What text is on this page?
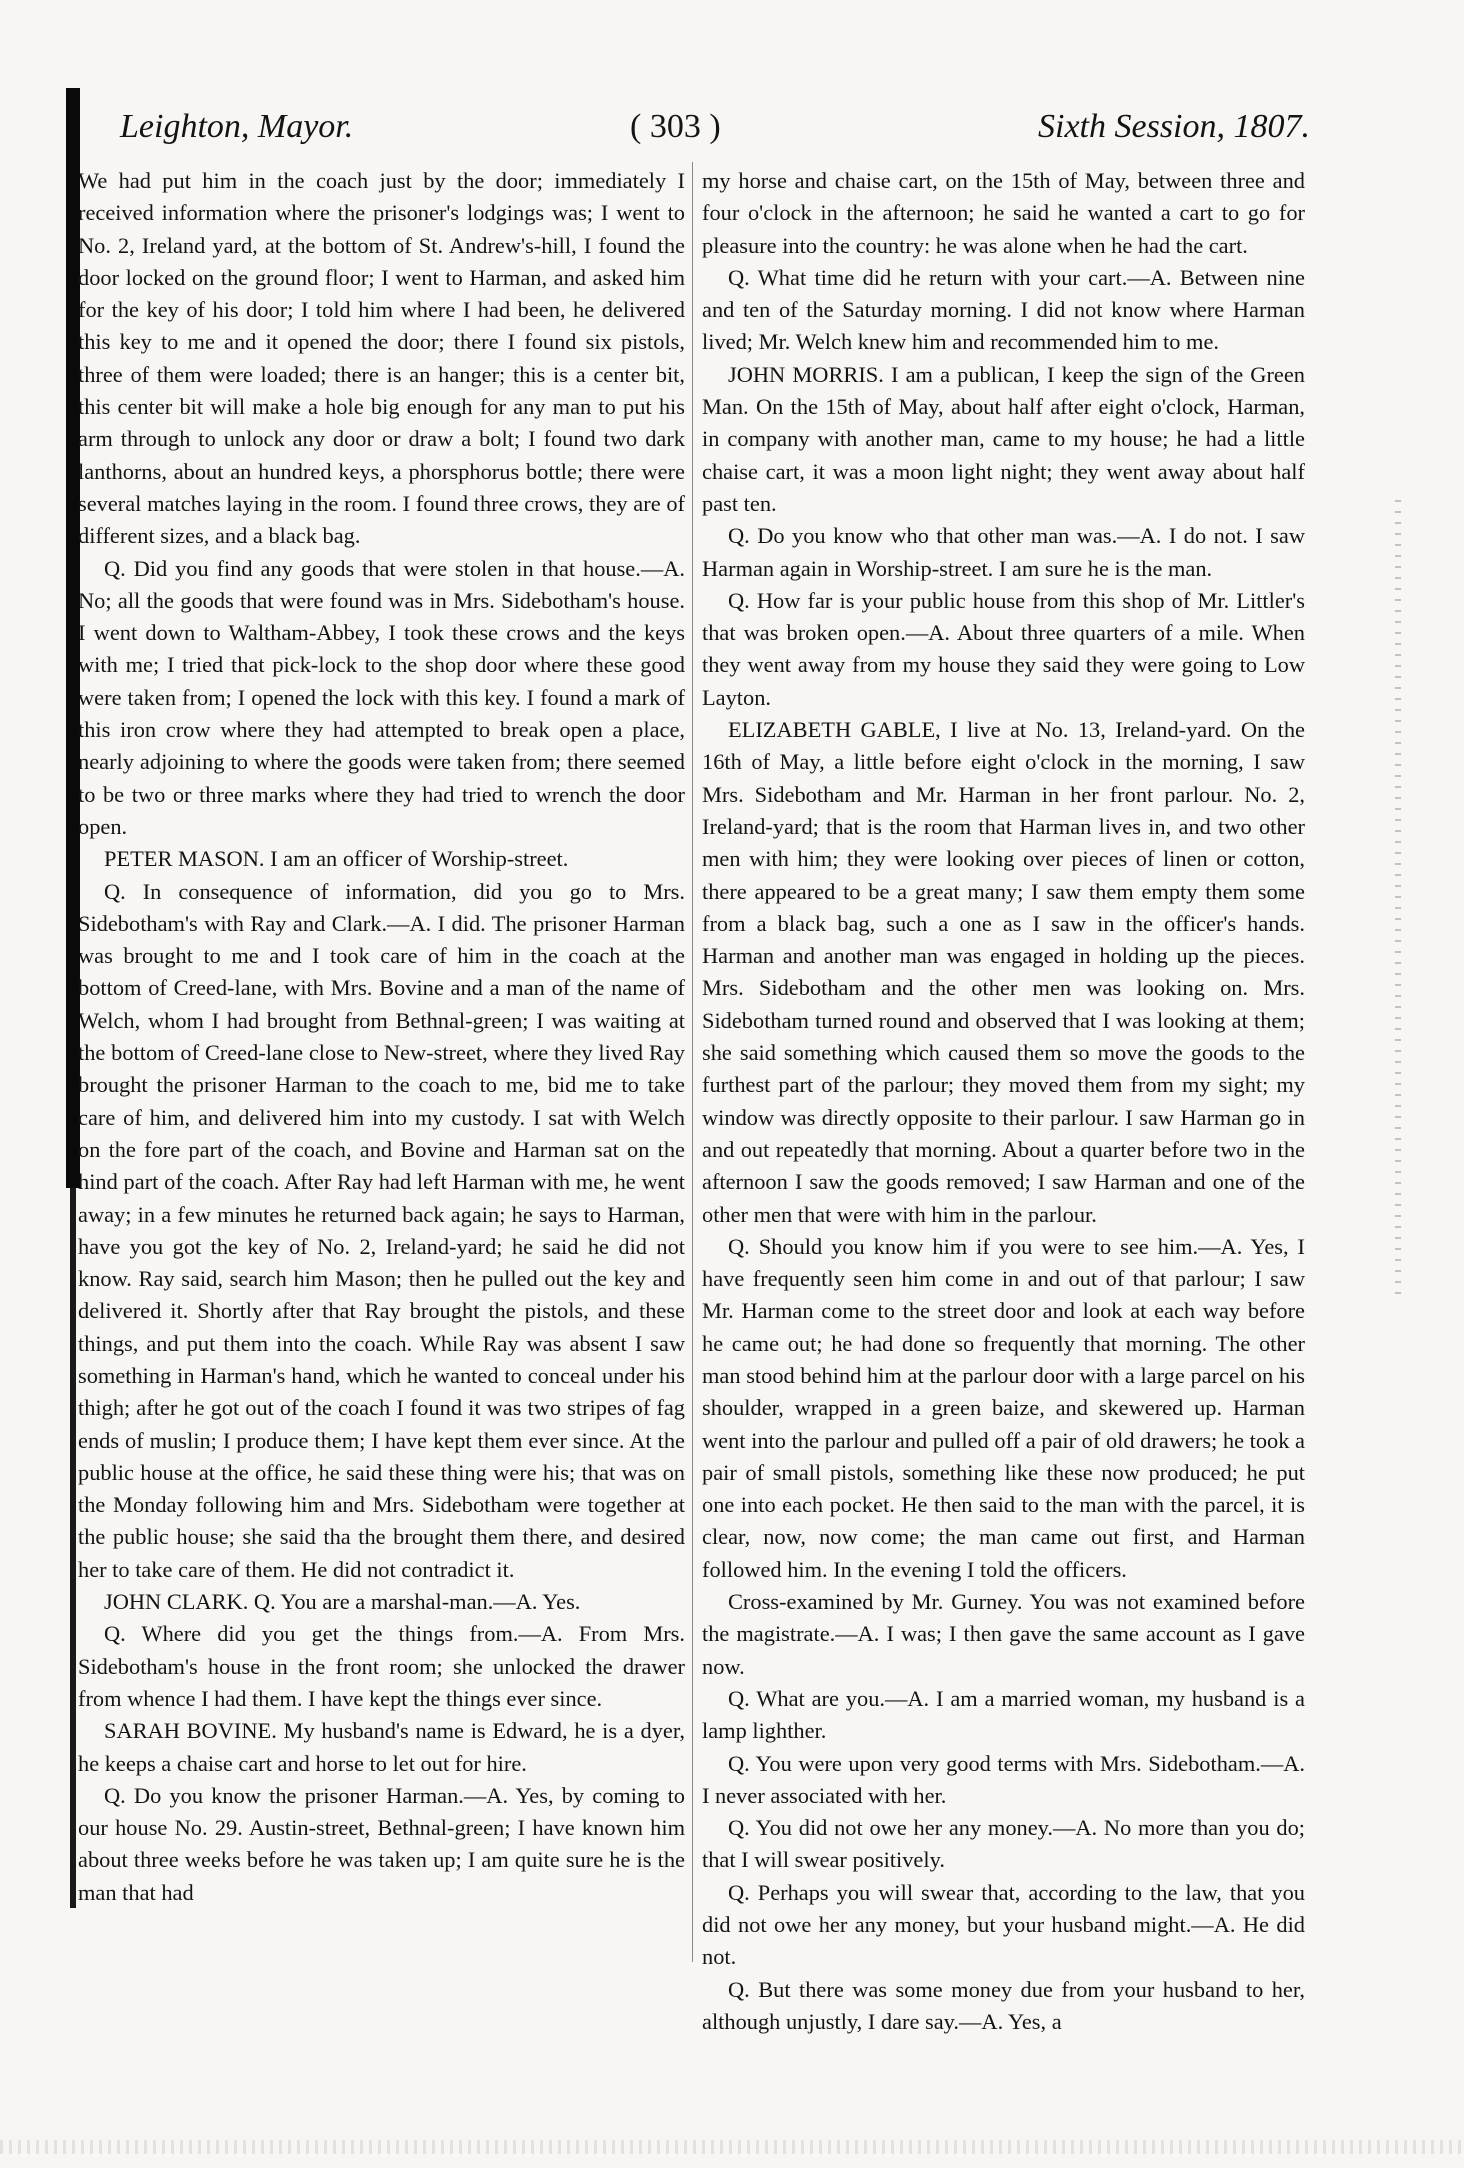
Leighton, Mayor.	( 303 )	Sixth Session, 1807.

We had put him in the coach just by the door; immediately I received information where the prisoner's lodgings was; I went to No. 2, Ireland yard, at the bottom of St. Andrew's-hill, I found the door locked on the ground floor; I went to Harman, and asked him for the key of his door; I told him where I had been, he delivered this key to me and it opened the door; there I found six pistols, three of them were loaded; there is an hanger; this is a center bit, this center bit will make a hole big enough for any man to put his arm through to unlock any door or draw a bolt; I found two dark lanthorns, about an hundred keys, a phorsphorus bottle; there were several matches laying in the room. I found three crows, they are of different sizes, and a black bag.

Q. Did you find any goods that were stolen in that house.—A. No; all the goods that were found was in Mrs. Sidebotham's house. I went down to Waltham-Abbey, I took these crows and the keys with me; I tried that pick-lock to the shop door where these good were taken from; I opened the lock with this key. I found a mark of this iron crow where they had attempted to break open a place, nearly adjoining to where the goods were taken from; there seemed to be two or three marks where they had tried to wrench the door open.

PETER MASON. I am an officer of Worship-street.

Q. In consequence of information, did you go to Mrs. Sidebotham's with Ray and Clark.—A. I did. The prisoner Harman was brought to me and I took care of him in the coach at the bottom of Creed-lane, with Mrs. Bovine and a man of the name of Welch, whom I had brought from Bethnal-green; I was waiting at the bottom of Creed-lane close to New-street, where they lived Ray brought the prisoner Harman to the coach to me, bid me to take care of him, and delivered him into my custody. I sat with Welch on the fore part of the coach, and Bovine and Harman sat on the hind part of the coach. After Ray had left Harman with me, he went away; in a few minutes he returned back again; he says to Harman, have you got the key of No. 2, Ireland-yard; he said he did not know. Ray said, search him Mason; then he pulled out the key and delivered it. Shortly after that Ray brought the pistols, and these things, and put them into the coach. While Ray was absent I saw something in Harman's hand, which he wanted to conceal under his thigh; after he got out of the coach I found it was two stripes of fag ends of muslin; I produce them; I have kept them ever since. At the public house at the office, he said these thing were his; that was on the Monday following him and Mrs. Sidebotham were together at the public house; she said tha the brought them there, and desired her to take care of them. He did not contradict it.

JOHN CLARK. Q. You are a marshal-man.—A. Yes.

Q. Where did you get the things from.—A. From Mrs. Sidebotham's house in the front room; she unlocked the drawer from whence I had them. I have kept the things ever since.

SARAH BOVINE. My husband's name is Edward, he is a dyer, he keeps a chaise cart and horse to let out for hire.

Q. Do you know the prisoner Harman.—A. Yes, by coming to our house No. 29. Austin-street, Bethnal-green; I have known him about three weeks before he was taken up; I am quite sure he is the man that had

my horse and chaise cart, on the 15th of May, between three and four o'clock in the afternoon; he said he wanted a cart to go for pleasure into the country: he was alone when he had the cart.

Q. What time did he return with your cart.—A. Between nine and ten of the Saturday morning. I did not know where Harman lived; Mr. Welch knew him and recommended him to me.

JOHN MORRIS. I am a publican, I keep the sign of the Green Man. On the 15th of May, about half after eight o'clock, Harman, in company with another man, came to my house; he had a little chaise cart, it was a moon light night; they went away about half past ten.

Q. Do you know who that other man was.—A. I do not. I saw Harman again in Worship-street. I am sure he is the man.

Q. How far is your public house from this shop of Mr. Littler's that was broken open.—A. About three quarters of a mile. When they went away from my house they said they were going to Low Layton.

ELIZABETH GABLE, I live at No. 13, Ireland-yard. On the 16th of May, a little before eight o'clock in the morning, I saw Mrs. Sidebotham and Mr. Harman in her front parlour. No. 2, Ireland-yard; that is the room that Harman lives in, and two other men with him; they were looking over pieces of linen or cotton, there appeared to be a great many; I saw them empty them some from a black bag, such a one as I saw in the officer's hands. Harman and another man was engaged in holding up the pieces. Mrs. Sidebotham and the other men was looking on. Mrs. Sidebotham turned round and observed that I was looking at them; she said something which caused them so move the goods to the furthest part of the parlour; they moved them from my sight; my window was directly opposite to their parlour. I saw Harman go in and out repeatedly that morning. About a quarter before two in the afternoon I saw the goods removed; I saw Harman and one of the other men that were with him in the parlour.

Q. Should you know him if you were to see him.—A. Yes, I have frequently seen him come in and out of that parlour; I saw Mr. Harman come to the street door and look at each way before he came out; he had done so frequently that morning. The other man stood behind him at the parlour door with a large parcel on his shoulder, wrapped in a green baize, and skewered up. Harman went into the parlour and pulled off a pair of old drawers; he took a pair of small pistols, something like these now produced; he put one into each pocket. He then said to the man with the parcel, it is clear, now, now come; the man came out first, and Harman followed him. In the evening I told the officers.

Cross-examined by Mr. Gurney. You was not examined before the magistrate.—A. I was; I then gave the same account as I gave now.

Q. What are you.—A. I am a married woman, my husband is a lamp lighther.

Q. You were upon very good terms with Mrs. Sidebotham.—A. I never associated with her.

Q. You did not owe her any money.—A. No more than you do; that I will swear positively.

Q. Perhaps you will swear that, according to the law, that you did not owe her any money, but your husband might.—A. He did not.

Q. But there was some money due from your husband to her, although unjustly, I dare say.—A. Yes, a
